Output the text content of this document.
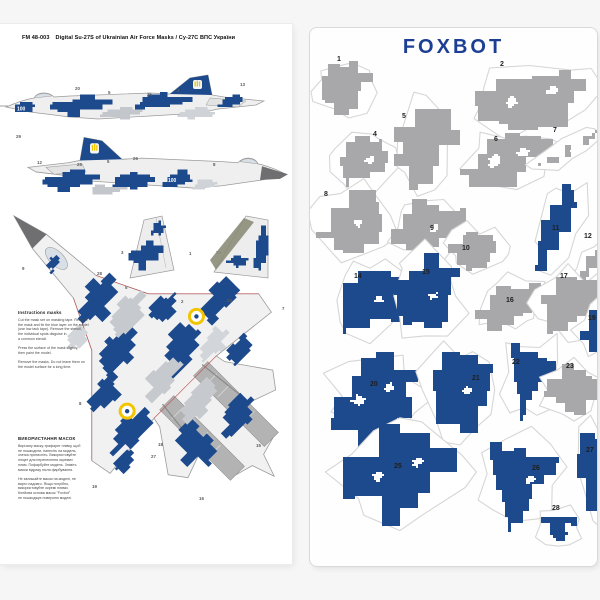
FM 48-003 Digital Su-27S of Ukrainian Air Force Masks / Су-27С ВПС України
100
100
Instructions masks
Cut the mask set on masking tape. Remove
the mask and fix the blue layer on the model
(use low tack tape). Remove the stencil,
the individual spots disguise in
a common stencil.
Press the surface of the mask slightly,
then paint the model.
Remove the masks. Do not leave them on
the model surface for a long time.
ВИКОРИСТАННЯ МАСОК
Вирізану маску-трафарет плівку, щоб
не пошкодити, нанесіть на модель,
злегка притисніть. Використовуйте
пінцет для перенесення окремих
плям. Пофарбуйте модель. Зніміть
маски відразу після фарбування.
Не залишайте маски на моделі, не
варто надовго. Якщо потрібно,
використовуйте окремі плями.
Клейова основа масок "Foxbot"
не пошкоджує поверхню моделі.
20
5	25
4
13
29
12	25
5
26
8
3	1
9
28
5
2	25
7
8
27
19
18	15
16
FOXBOT
1
2
4
5
6
7
8
9
10
11
12
14
15
16
17
19
20
21
22
23
25	26
27
28
